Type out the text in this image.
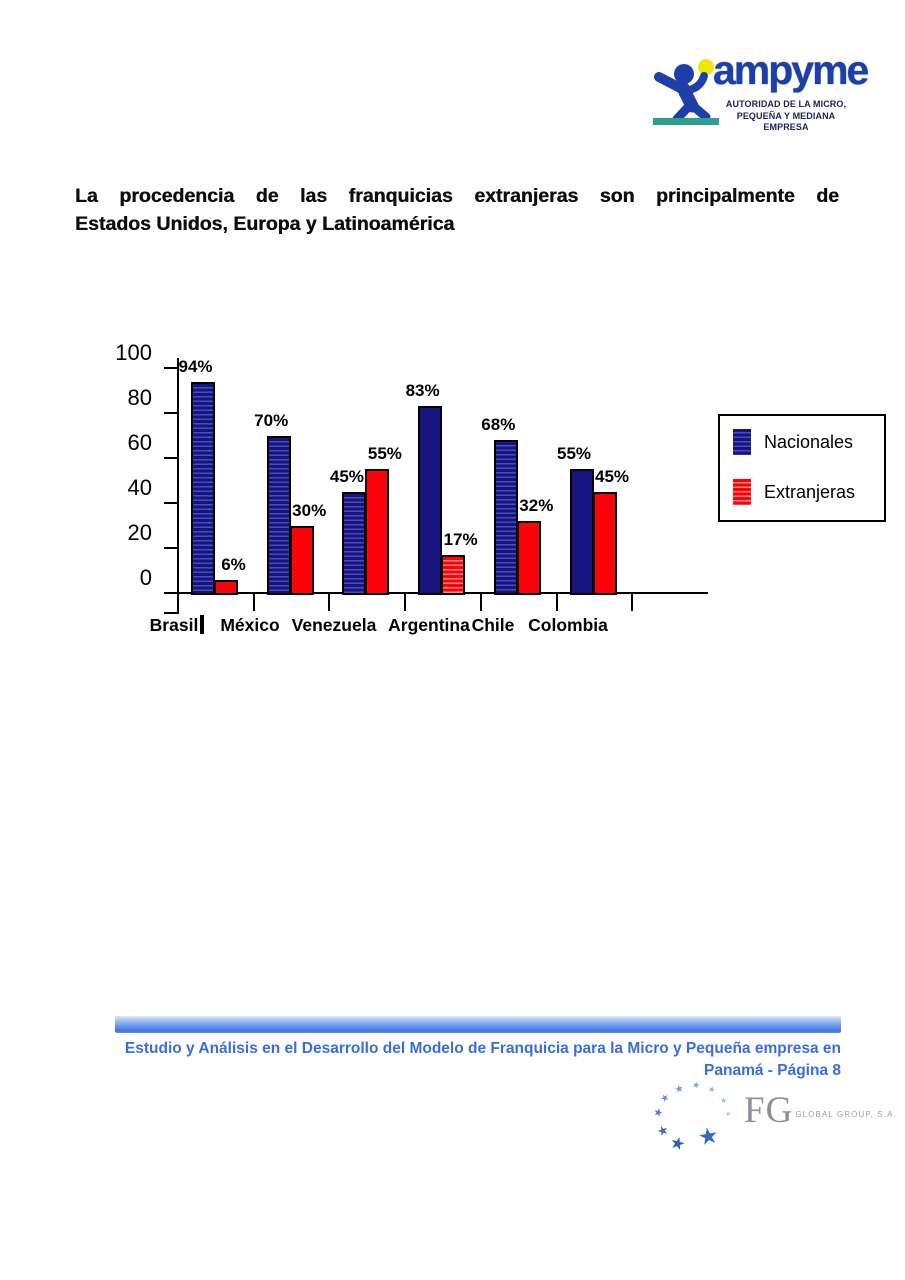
ampyme
AUTORIDAD DE LA MICRO,
PEQUEÑA Y MEDIANA EMPRESA
La procedencia de las franquicias extranjeras son principalmente de
Estados Unidos, Europa y Latinoamérica
0
20
40
60
80
100
94%
70%
45%
83%
68%
55%
6%
30%
55%
17%
32%
45%
Brasil	México Venezuela Argentina Chile Colombia
Nacionales
Extranjeras
Estudio y Análisis en el Desarrollo del Modelo de Franquicia para la Micro y Pequeña empresa en
Panamá - Página 8
★
★	★
★	★
★	★
★
★ ★
FG GLOBAL GROUP, S.A.
